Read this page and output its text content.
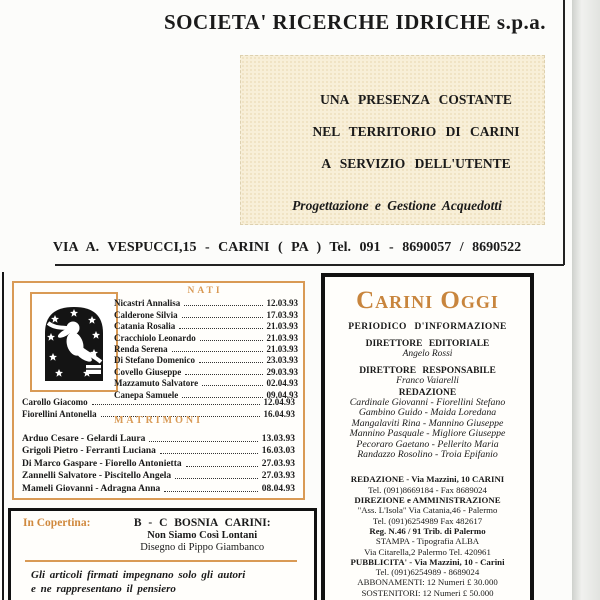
SOCIETA' RICERCHE IDRICHE s.p.a.
UNA PRESENZA COSTANTE
NEL TERRITORIO DI CARINI
A SERVIZIO DELL'UTENTE
Progettazione e Gestione Acquedotti
VIA A. VESPUCCI,15 - CARINI ( PA ) Tel. 091 - 8690057 / 8690522
NATI
Nicastri Annalisa	12.03.93
Calderone Silvia	17.03.93
Catania Rosalia	21.03.93
Cracchiolo Leonardo	21.03.93
Renda Serena	21.03.93
Di Stefano Domenico	23.03.93
Covello Giuseppe	29.03.93
Mazzamuto Salvatore	02.04.93
Canepa Samuele	09.04.93
Carollo Giacomo	12.04.93
Fiorellini Antonella	16.04.93
MATRIMONI
Arduo Cesare - Gelardi Laura	13.03.93
Grigoli Pietro - Ferranti Luciana	16.03.03
Di Marco Gaspare - Fiorello Antonietta	27.03.93
Zannelli Salvatore - Piscitello Angela	27.03.93
Mameli Giovanni - Adragna Anna	08.04.93
Carini Oggi
PERIODICO D'INFORMAZIONE
DIRETTORE EDITORIALE
Angelo Rossi
DIRETTORE RESPONSABILE
Franco Vaiarelli
REDAZIONE
Cardinale Giovanni - Fiorellini Stefano
Gambino Guido - Maida Loredana
Mangalaviti Rina - Mannino Giuseppe
Mannino Pasquale - Migliore Giuseppe
Pecoraro Gaetano - Pellerito Maria
Randazzo Rosolino - Troia Epifanio
REDAZIONE - Via Mazzini, 10 CARINI
Tel. (091)8669184 - Fax 8689024
DIREZIONE e AMMINISTRAZIONE
"Ass. L'Isola" Via Catania,46 - Palermo
Tel. (091)6254989 Fax 482617
Reg. N.46 / 91 Trib. di Palermo
STAMPA - Tipografia ALBA
Via Citarella,2 Palermo Tel. 420961
PUBBLICITA' - Via Mazzini, 10 - Carini
Tel. (091)6254989 - 8689024
ABBONAMENTI: 12 Numeri £ 30.000
SOSTENITORI: 12 Numeri £ 50.000
In Copertina:	B - C BOSNIA CARINI:
Non Siamo Così Lontani
Disegno di Pippo Giambanco
Gli articoli firmati impegnano solo gli autori
e ne rappresentano il pensiero
